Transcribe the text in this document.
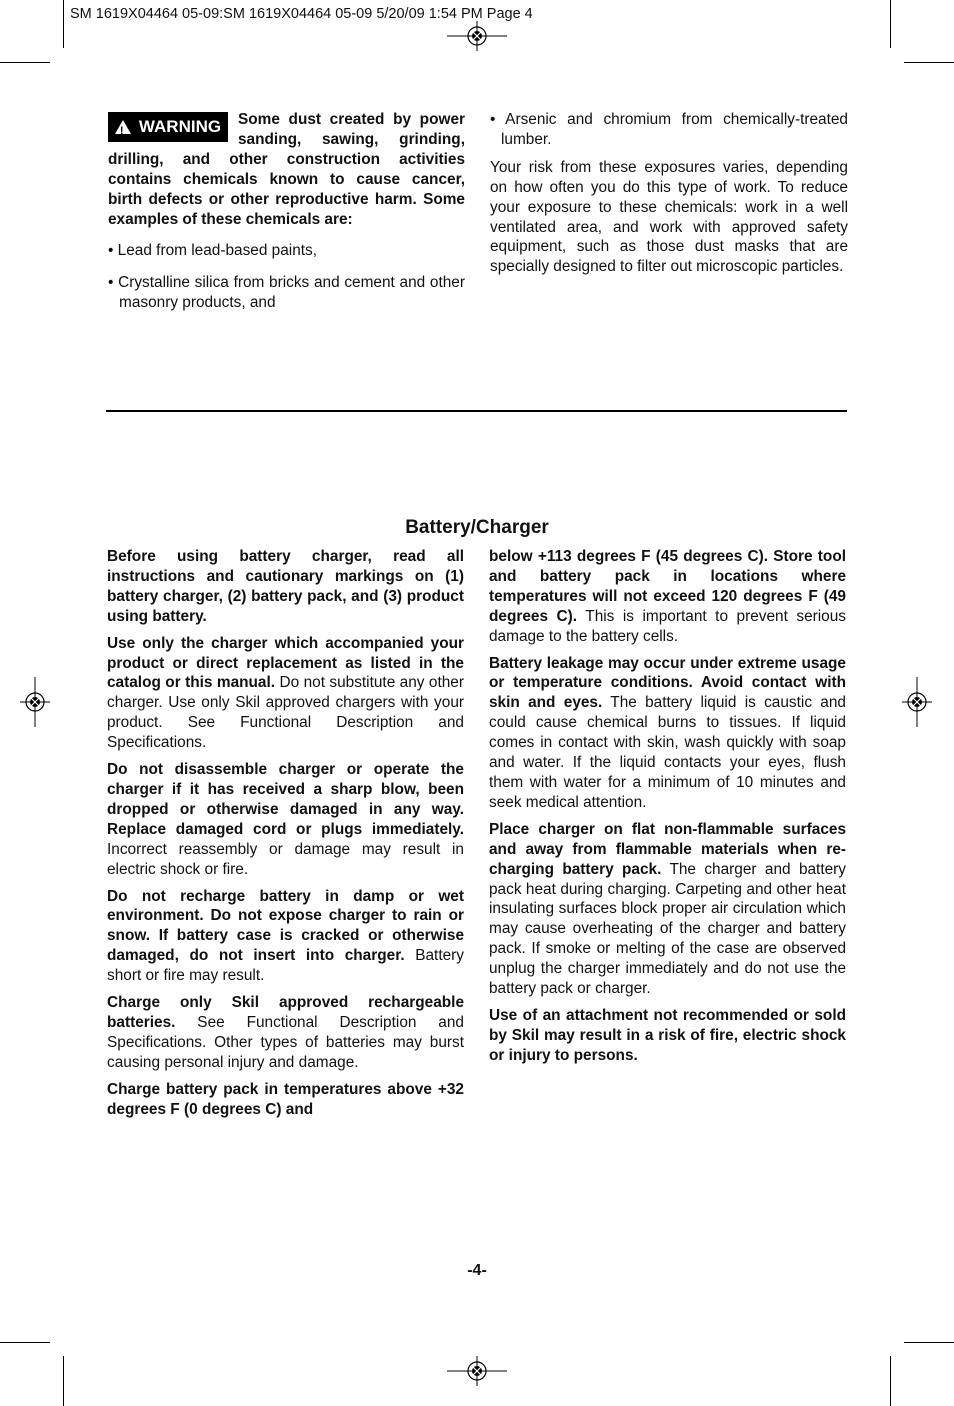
SM 1619X04464 05-09:SM 1619X04464 05-09 5/20/09 1:54 PM Page 4

! WARNING Some dust created by power sanding, sawing, grinding, drilling, and other construction activities contains chemicals known to cause cancer, birth defects or other reproductive harm. Some examples of these chemicals are:

• Lead from lead-based paints,

• Crystalline silica from bricks and cement and other masonry products, and

• Arsenic and chromium from chemically-treated lumber.

Your risk from these exposures varies, depending on how often you do this type of work. To reduce your exposure to these chemicals: work in a well ventilated area, and work with approved safety equipment, such as those dust masks that are specially designed to filter out microscopic particles.

Battery/Charger

Before using battery charger, read all instructions and cautionary markings on (1) battery charger, (2) battery pack, and (3) product using battery.

Use only the charger which accompanied your product or direct replacement as listed in the catalog or this manual. Do not substitute any other charger. Use only Skil approved chargers with your product. See Functional Description and Specifications.

Do not disassemble charger or operate the charger if it has received a sharp blow, been dropped or otherwise damaged in any way. Replace damaged cord or plugs immediately. Incorrect reassembly or damage may result in electric shock or fire.

Do not recharge battery in damp or wet environment. Do not expose charger to rain or snow. If battery case is cracked or otherwise damaged, do not insert into charger. Battery short or fire may result.

Charge only Skil approved rechargeable batteries. See Functional Description and Specifications. Other types of batteries may burst causing personal injury and damage.

Charge battery pack in temperatures above +32 degrees F (0 degrees C) and

below +113 degrees F (45 degrees C). Store tool and battery pack in locations where temperatures will not exceed 120 degrees F (49 degrees C). This is important to prevent serious damage to the battery cells.

Battery leakage may occur under extreme usage or temperature conditions. Avoid contact with skin and eyes. The battery liquid is caustic and could cause chemical burns to tissues. If liquid comes in contact with skin, wash quickly with soap and water. If the liquid contacts your eyes, flush them with water for a minimum of 10 minutes and seek medical attention.

Place charger on flat non-flammable surfaces and away from flammable materials when re-charging battery pack. The charger and battery pack heat during charging. Carpeting and other heat insulating surfaces block proper air circulation which may cause overheating of the charger and battery pack. If smoke or melting of the case are observed unplug the charger immediately and do not use the battery pack or charger.

Use of an attachment not recommended or sold by Skil may result in a risk of fire, electric shock or injury to persons.

-4-
